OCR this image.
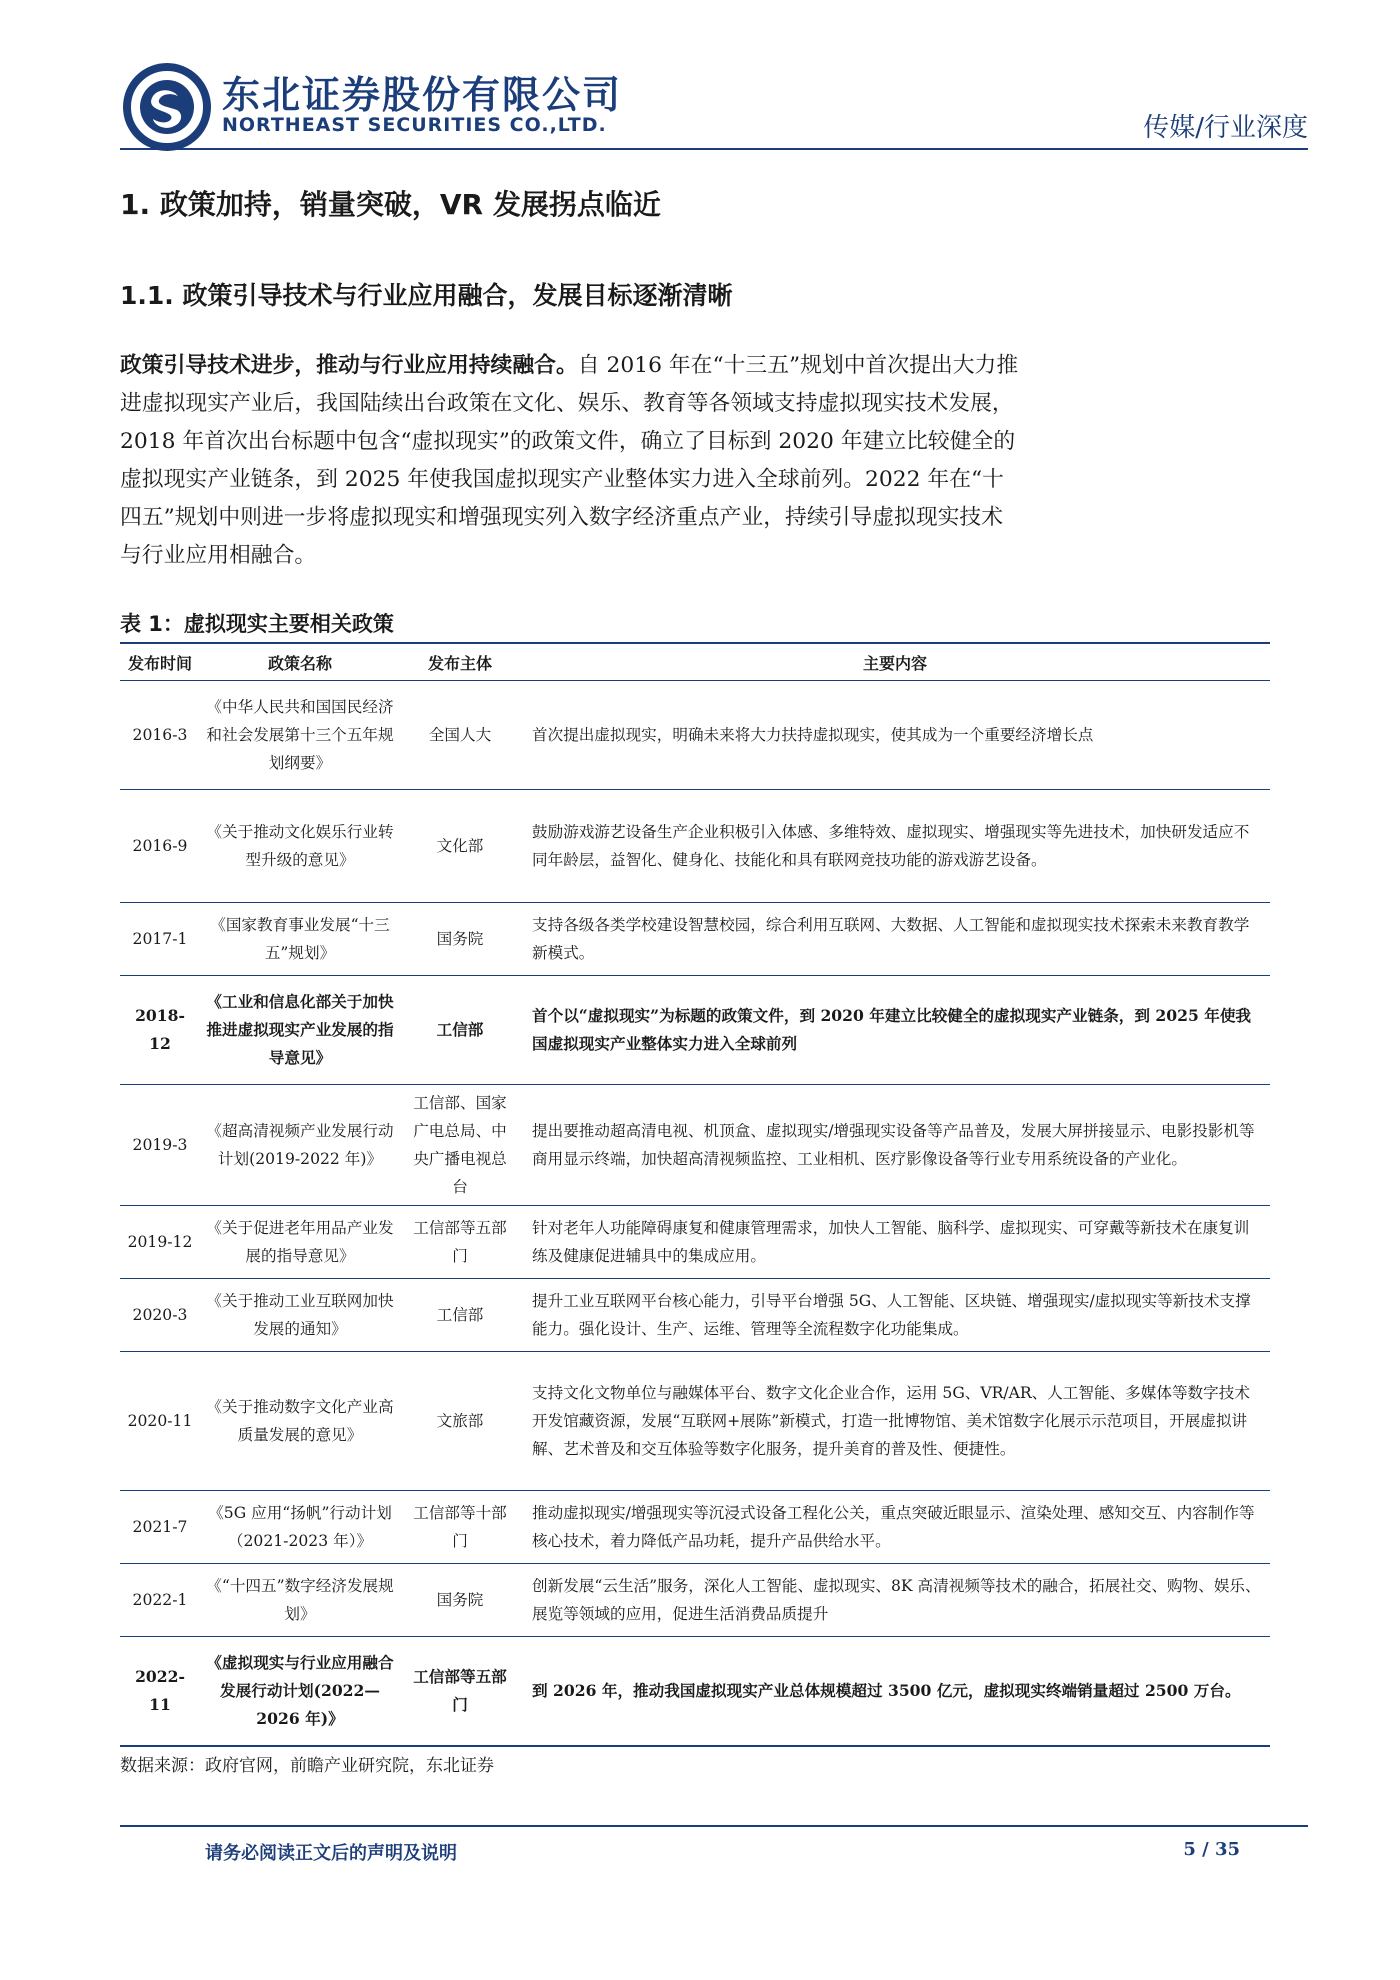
东北证券股份有限公司
NORTHEAST SECURITIES CO.,LTD.	传媒/行业深度
1. 政策加持，销量突破，VR 发展拐点临近
1.1. 政策引导技术与行业应用融合，发展目标逐渐清晰

政策引导技术进步，推动与行业应用持续融合。自 2016 年在“十三五”规划中首次提出大力推进虚拟现实产业后，我国陆续出台政策在文化、娱乐、教育等各领域支持虚拟现实技术发展，2018 年首次出台标题中包含“虚拟现实”的政策文件，确立了目标到 2020 年建立比较健全的虚拟现实产业链条，到 2025 年使我国虚拟现实产业整体实力进入全球前列。2022 年在“十四五”规划中则进一步将虚拟现实和增强现实列入数字经济重点产业，持续引导虚拟现实技术与行业应用相融合。

表 1：虚拟现实主要相关政策
发布时间	政策名称	发布主体	主要内容
2016-3	《中华人民共和国国民经济和社会发展第十三个五年规划纲要》	全国人大	首次提出虚拟现实，明确未来将大力扶持虚拟现实，使其成为一个重要经济增长点
2016-9	《关于推动文化娱乐行业转型升级的意见》	文化部	鼓励游戏游艺设备生产企业积极引入体感、多维特效、虚拟现实、增强现实等先进技术，加快研发适应不同年龄层，益智化、健身化、技能化和具有联网竞技功能的游戏游艺设备。
2017-1	《国家教育事业发展“十三五”规划》	国务院	支持各级各类学校建设智慧校园，综合利用互联网、大数据、人工智能和虚拟现实技术探索未来教育教学新模式。
2018-12	《工业和信息化部关于加快推进虚拟现实产业发展的指导意见》	工信部	首个以“虚拟现实”为标题的政策文件，到 2020 年建立比较健全的虚拟现实产业链条，到 2025 年使我国虚拟现实产业整体实力进入全球前列
2019-3	《超高清视频产业发展行动计划(2019-2022 年)》	工信部、国家广电总局、中央广播电视总台	提出要推动超高清电视、机顶盒、虚拟现实/增强现实设备等产品普及，发展大屏拼接显示、电影投影机等商用显示终端，加快超高清视频监控、工业相机、医疗影像设备等行业专用系统设备的产业化。
2019-12	《关于促进老年用品产业发展的指导意见》	工信部等五部门	针对老年人功能障碍康复和健康管理需求，加快人工智能、脑科学、虚拟现实、可穿戴等新技术在康复训练及健康促进辅具中的集成应用。
2020-3	《关于推动工业互联网加快发展的通知》	工信部	提升工业互联网平台核心能力，引导平台增强 5G、人工智能、区块链、增强现实/虚拟现实等新技术支撑能力。强化设计、生产、运维、管理等全流程数字化功能集成。
2020-11	《关于推动数字文化产业高质量发展的意见》	文旅部	支持文化文物单位与融媒体平台、数字文化企业合作，运用 5G、VR/AR、人工智能、多媒体等数字技术开发馆藏资源，发展“互联网+展陈”新模式，打造一批博物馆、美术馆数字化展示示范项目，开展虚拟讲解、艺术普及和交互体验等数字化服务，提升美育的普及性、便捷性。
2021-7	《5G 应用“扬帆”行动计划（2021-2023 年）》	工信部等十部门	推动虚拟现实/增强现实等沉浸式设备工程化公关，重点突破近眼显示、渲染处理、感知交互、内容制作等核心技术，着力降低产品功耗，提升产品供给水平。
2022-1	《“十四五”数字经济发展规划》	国务院	创新发展“云生活”服务，深化人工智能、虚拟现实、8K 高清视频等技术的融合，拓展社交、购物、娱乐、展览等领域的应用，促进生活消费品质提升
2022-11	《虚拟现实与行业应用融合发展行动计划(2022—2026 年)》	工信部等五部门	到 2026 年，推动我国虚拟现实产业总体规模超过 3500 亿元，虚拟现实终端销量超过 2500 万台。
数据来源：政府官网，前瞻产业研究院，东北证券
请务必阅读正文后的声明及说明	5 / 35
